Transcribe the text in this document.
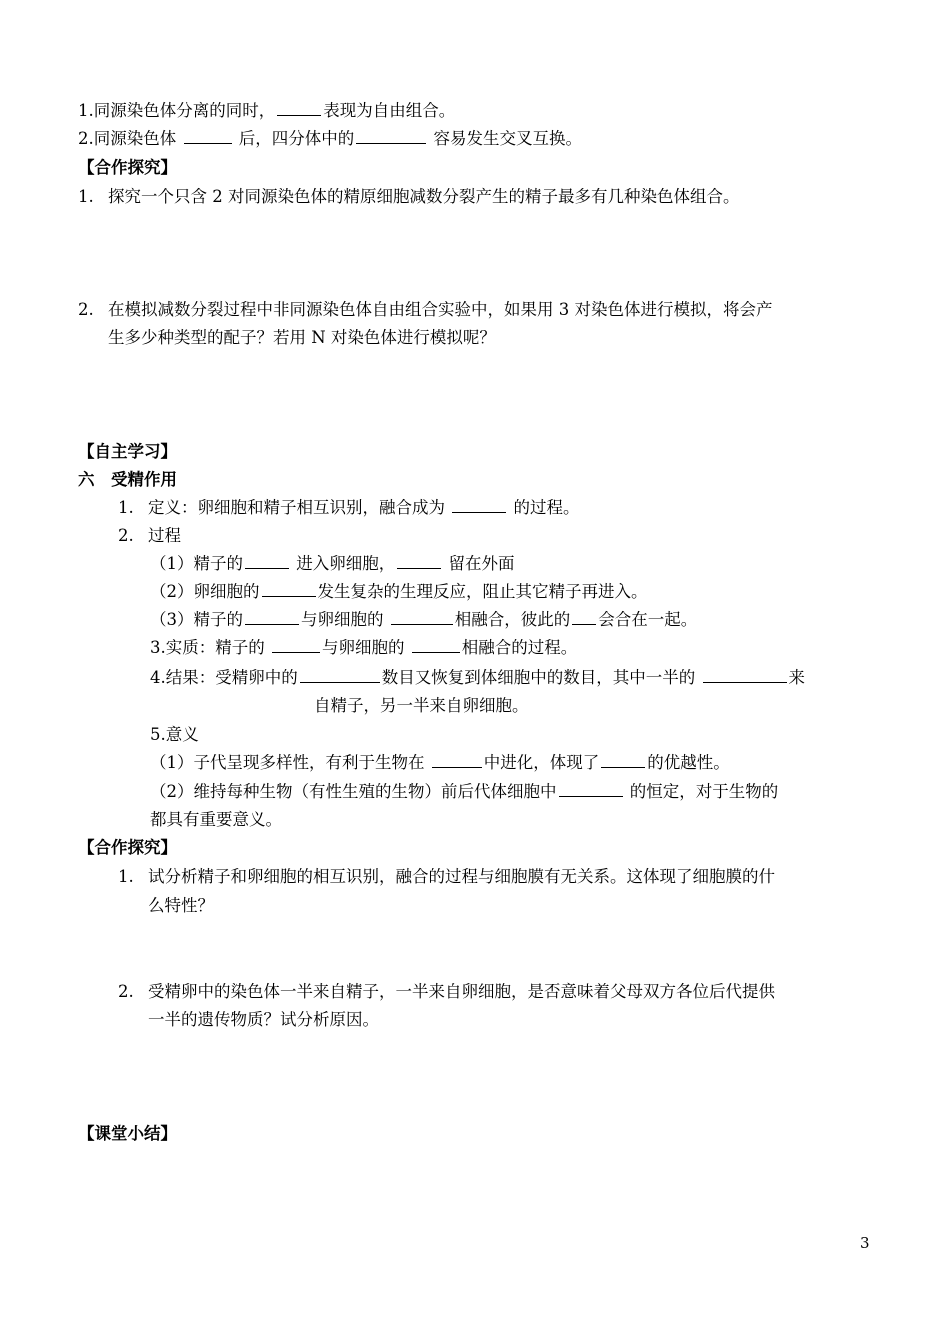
1.同源染色体分离的同时，	表现为自由组合。
2.同源染色体	后，四分体中的	容易发生交叉互换。
【合作探究】
1. 探究一个只含 2 对同源染色体的精原细胞减数分裂产生的精子最多有几种染色体组合。
2. 在模拟减数分裂过程中非同源染色体自由组合实验中，如果用 3 对染色体进行模拟，将会产
生多少种类型的配子？若用 N 对染色体进行模拟呢？
【自主学习】
六　受精作用
1. 定义：卵细胞和精子相互识别，融合成为	的过程。
2. 过程
（1）精子的	进入卵细胞，	留在外面
（2）卵细胞的	发生复杂的生理反应，阻止其它精子再进入。
（3）精子的	与卵细胞的	相融合，彼此的 会合在一起。
3.实质：精子的	与卵细胞的	相融合的过程。
4.结果：受精卵中的	数目又恢复到体细胞中的数目，其中一半的	来
自精子，另一半来自卵细胞。
5.意义
（1）子代呈现多样性，有利于生物在	中进化，体现了	的优越性。
（2）维持每种生物（有性生殖的生物）前后代体细胞中	的恒定，对于生物的
都具有重要意义。
【合作探究】
1. 试分析精子和卵细胞的相互识别，融合的过程与细胞膜有无关系。这体现了细胞膜的什
么特性？
2. 受精卵中的染色体一半来自精子，一半来自卵细胞，是否意味着父母双方各位后代提供
一半的遗传物质？试分析原因。
【课堂小结】
3
